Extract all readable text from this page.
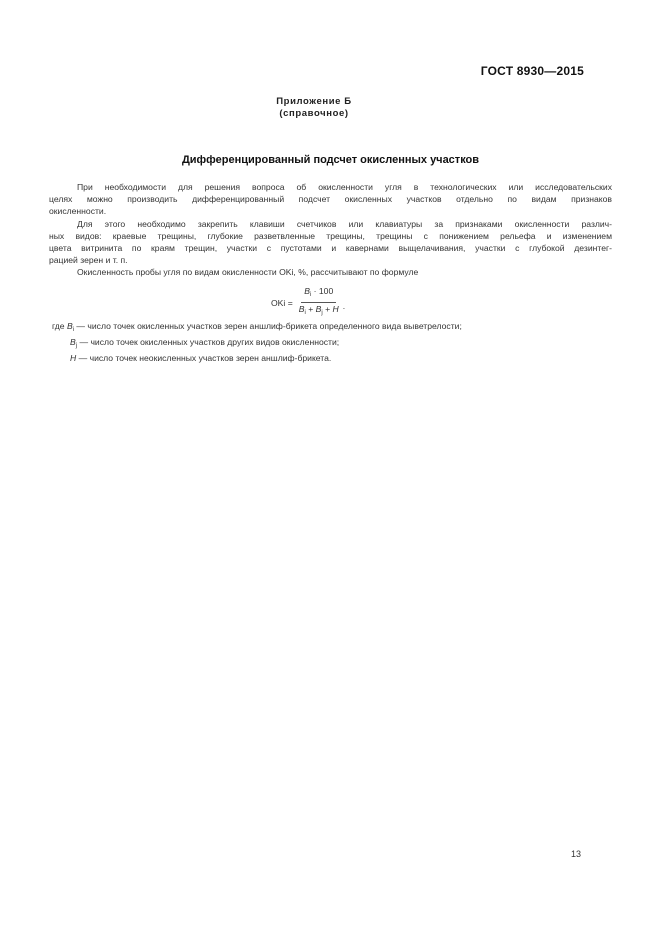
ГОСТ 8930—2015
Приложение Б
(справочное)
Дифференцированный подсчет окисленных участков

При необходимости для решения вопроса об окисленности угля в технологических или исследовательских
целях можно производить дифференцированный подсчет окисленных участков отдельно по видам признаков
окисленности.

Для этого необходимо закрепить клавиши счетчиков или клавиатуры за признаками окисленности различ-
ных видов: краевые трещины, глубокие разветвленные трещины, трещины с понижением рельефа и изменением
цвета витринита по краям трещин, участки с пустотами и кавернами выщелачивания, участки с глубокой дезинтег-
рацией зерен и т. п.

Окисленность пробы угля по видам окисленности OKi, %, рассчитывают по формуле

OKi = $\frac{B_i \cdot 100}{B_i + B_j + H}$ .
где $B_i$ — число точек окисленных участков зерен аншлиф-брикета определенного вида выветрелости;
$B_j$ — число точек окисленных участков других видов окисленности;
H — число точек неокисленных участков зерен аншлиф-брикета.
13
